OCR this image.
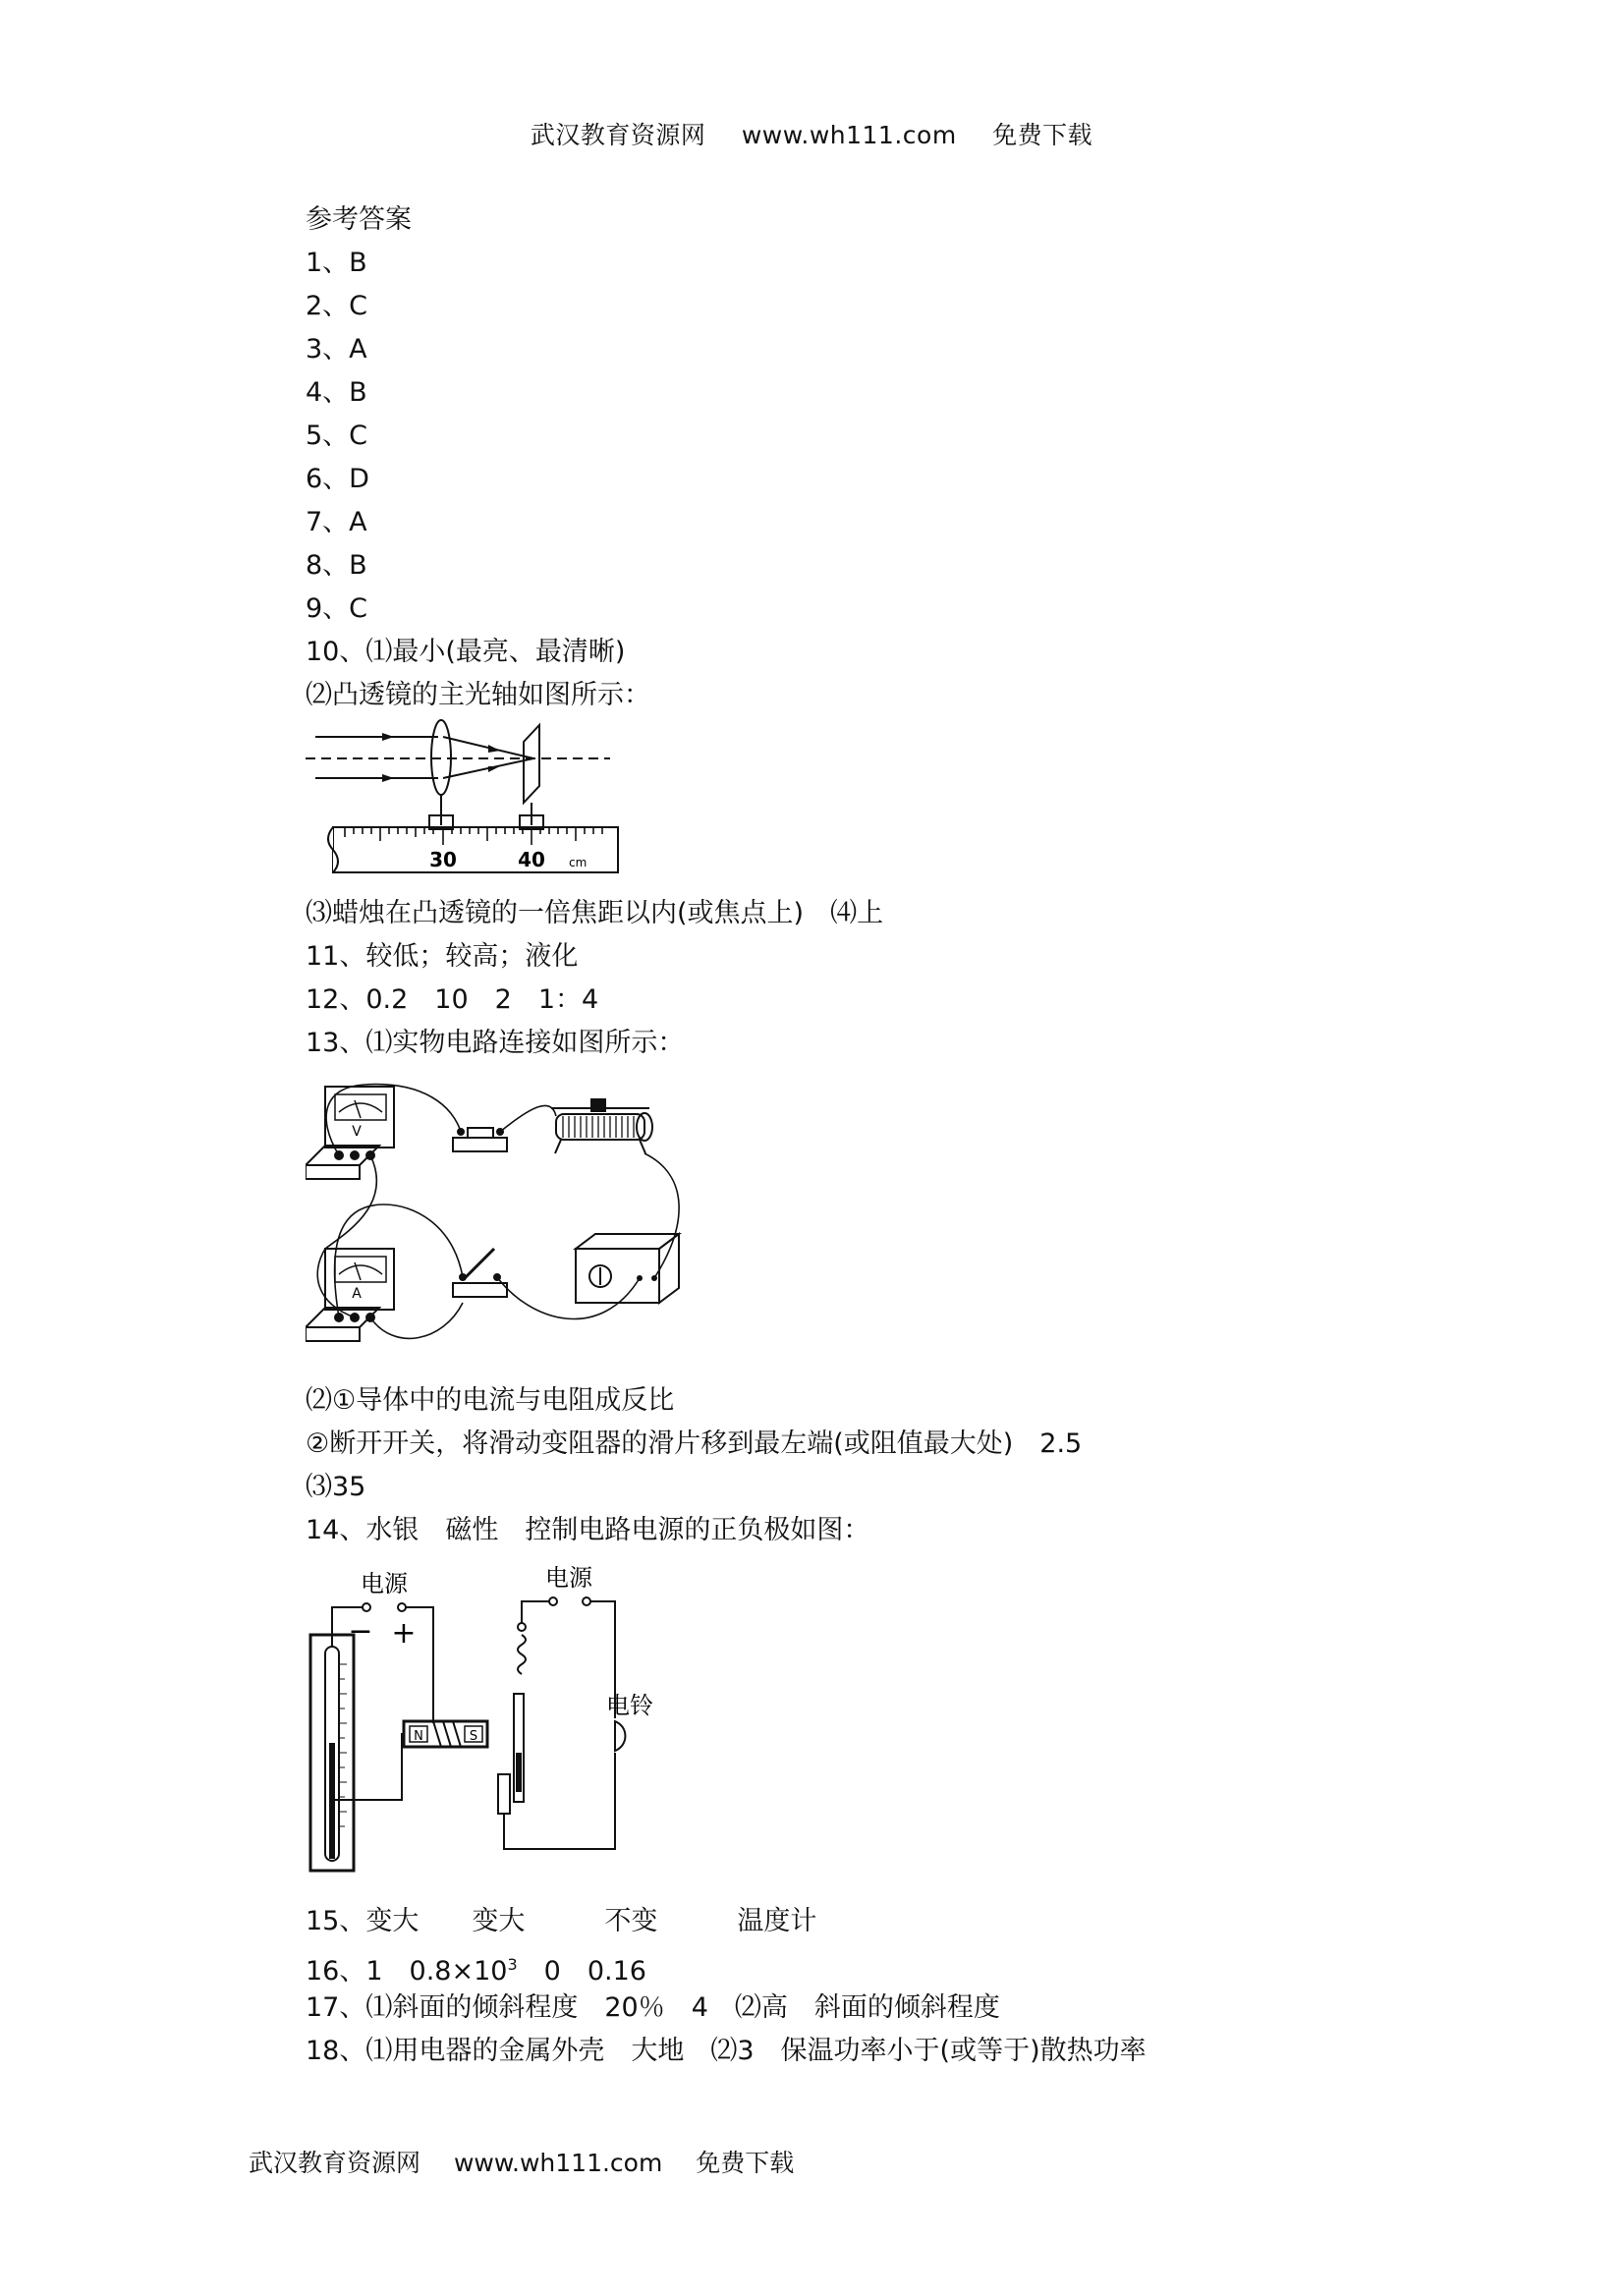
武汉教育资源网 www.wh111.com 免费下载
参考答案
1、B
2、C
3、A
4、B
5、C
6、D
7、A
8、B
9、C
10、⑴最小(最亮、最清晰)
⑵凸透镜的主光轴如图所示：
30	40 cm
⑶蜡烛在凸透镜的一倍焦距以内(或焦点上)　⑷上
11、较低；较高；液化
12、0.2　10　2　1：4
13、⑴实物电路连接如图所示：
V
A
⑵①导体中的电流与电阻成反比
②断开开关，将滑动变阻器的滑片移到最左端(或阻值最大处)　2.5
⑶35
14、水银　磁性　控制电路电源的正负极如图：
电源	电源
电铃
− +
N	S
15、变大　　变大　　　不变　　　温度计
16、1　$0.8\times 10^3$　0　0.16
17、⑴斜面的倾斜程度　20％　4　⑵高　斜面的倾斜程度
18、⑴用电器的金属外壳　大地　⑵3　保温功率小于(或等于)散热功率
武汉教育资源网 www.wh111.com 免费下载
